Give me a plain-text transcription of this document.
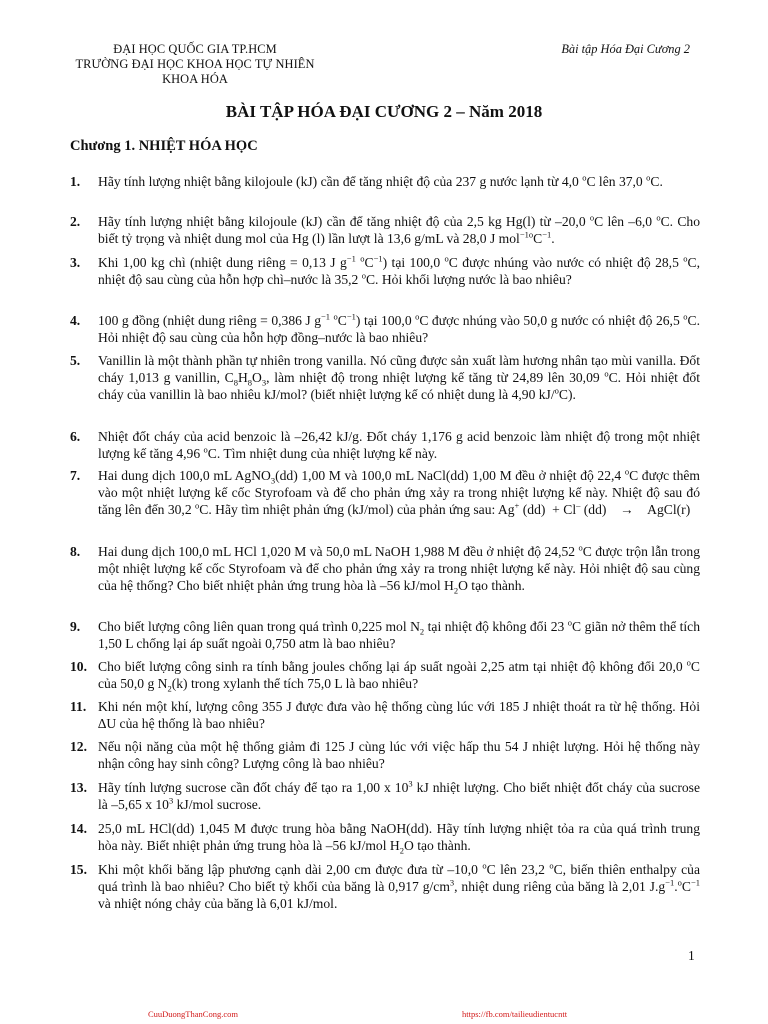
ĐẠI HỌC QUỐC GIA TP.HCM
TRƯỜNG ĐẠI HỌC KHOA HỌC TỰ NHIÊN
KHOA HÓA
Bài tập Hóa Đại Cương 2
BÀI TẬP HÓA ĐẠI CƯƠNG 2 – Năm 2018
Chương 1. NHIỆT HÓA HỌC
1. Hãy tính lượng nhiệt bằng kilojoule (kJ) cần để tăng nhiệt độ của 237 g nước lạnh từ 4,0 $^o$C lên 37,0 $^o$C.
2. Hãy tính lượng nhiệt bằng kilojoule (kJ) cần để tăng nhiệt độ của 2,5 kg Hg(l) từ –20,0 $^o$C lên –6,0 $^o$C. Cho biết tỷ trọng và nhiệt dung mol của Hg (l) lần lượt là 13,6 g/mL và 28,0 J $mol^{-1o}C^{-1}$.
3. Khi 1,00 kg chì (nhiệt dung riêng = 0,13 J $g^{-1}$ $^oC^{-1}$) tại 100,0 $^o$C được nhúng vào nước có nhiệt độ 28,5 $^o$C, nhiệt độ sau cùng của hỗn hợp chì–nước là 35,2 $^o$C. Hỏi khối lượng nước là bao nhiêu?
4. 100 g đồng (nhiệt dung riêng = 0,386 J $g^{-1}$ $^oC^{-1}$) tại 100,0 $^o$C được nhúng vào 50,0 g nước có nhiệt độ 26,5 $^o$C. Hỏi nhiệt độ sau cùng của hỗn hợp đồng–nước là bao nhiêu?
5. Vanillin là một thành phần tự nhiên trong vanilla. Nó cũng được sản xuất làm hương nhân tạo mùi vanilla. Đốt cháy 1,013 g vanillin, $C_8H_8O_3$, làm nhiệt độ trong nhiệt lượng kế tăng từ 24,89 lên 30,09 $^o$C. Hỏi nhiệt đốt cháy của vanillin là bao nhiêu kJ/mol? (biết nhiệt lượng kế có nhiệt dung là 4,90 kJ/$^o$C).
6. Nhiệt đốt cháy của acid benzoic là –26,42 kJ/g. Đốt cháy 1,176 g acid benzoic làm nhiệt độ trong một nhiệt lượng kế tăng 4,96 $^o$C. Tìm nhiệt dung của nhiệt lượng kế này.
7. Hai dung dịch 100,0 mL AgNO$_3$(dd) 1,00 M và 100,0 mL NaCl(dd) 1,00 M đều ở nhiệt độ 22,4 $^o$C được thêm vào một nhiệt lượng kế cốc Styrofoam và để cho phản ứng xảy ra trong nhiệt lượng kế này. Nhiệt độ sau đó tăng lên đến 30,2 $^o$C. Hãy tìm nhiệt phản ứng (kJ/mol) của phản ứng sau: Ag+ (dd)  + Cl– (dd)    →    AgCl(r)
8. Hai dung dịch 100,0 mL HCl 1,020 M và 50,0 mL NaOH 1,988 M đều ở nhiệt độ 24,52 $^o$C được trộn lẫn trong một nhiệt lượng kế cốc Styrofoam và để cho phản ứng xảy ra trong nhiệt lượng kế này. Hỏi nhiệt độ sau cùng của hệ thống? Cho biết nhiệt phản ứng trung hòa là –56 kJ/mol $H_2O$ tạo thành.
9. Cho biết lượng công liên quan trong quá trình 0,225 mol $N_2$ tại nhiệt độ không đổi 23 $^o$C giãn nở thêm thể tích 1,50 L chống lại áp suất ngoài 0,750 atm là bao nhiêu?
10. Cho biết lượng công sinh ra tính bằng joules chống lại áp suất ngoài 2,25 atm tại nhiệt độ không đổi 20,0 $^o$C của 50,0 g $N_2(k)$ trong xylanh thể tích 75,0 L là bao nhiêu?
11. Khi nén một khí, lượng công 355 J được đưa vào hệ thống cùng lúc với 185 J nhiệt thoát ra từ hệ thống. Hỏi ∆U của hệ thống là bao nhiêu?
12. Nếu nội năng của một hệ thống giảm đi 125 J cùng lúc với việc hấp thu 54 J nhiệt lượng. Hỏi hệ thống này nhận công hay sinh công? Lượng công là bao nhiêu?
13. Hãy tính lượng sucrose cần đốt cháy để tạo ra 1,00 x $10^3$ kJ nhiệt lượng. Cho biết nhiệt đốt cháy của sucrose là –5,65 x $10^3$ kJ/mol sucrose.
14. 25,0 mL HCl(dd) 1,045 M được trung hòa bằng NaOH(dd). Hãy tính lượng nhiệt tỏa ra của quá trình trung hòa này. Biết nhiệt phản ứng trung hòa là –56 kJ/mol $H_2O$ tạo thành.
15. Khi một khối băng lập phương cạnh dài 2,00 cm được đưa từ –10,0 $^o$C lên 23,2 $^o$C, biến thiên enthalpy của quá trình là bao nhiêu? Cho biết tỷ khối của băng là 0,917 $g/cm^3$, nhiệt dung riêng của băng là 2,01 $J.g^{-1}.^oC^{-1}$ và nhiệt nóng chảy của băng là 6,01 kJ/mol.
1
CuuDuongThanCong.com	https://fb.com/tailieudientucntt
